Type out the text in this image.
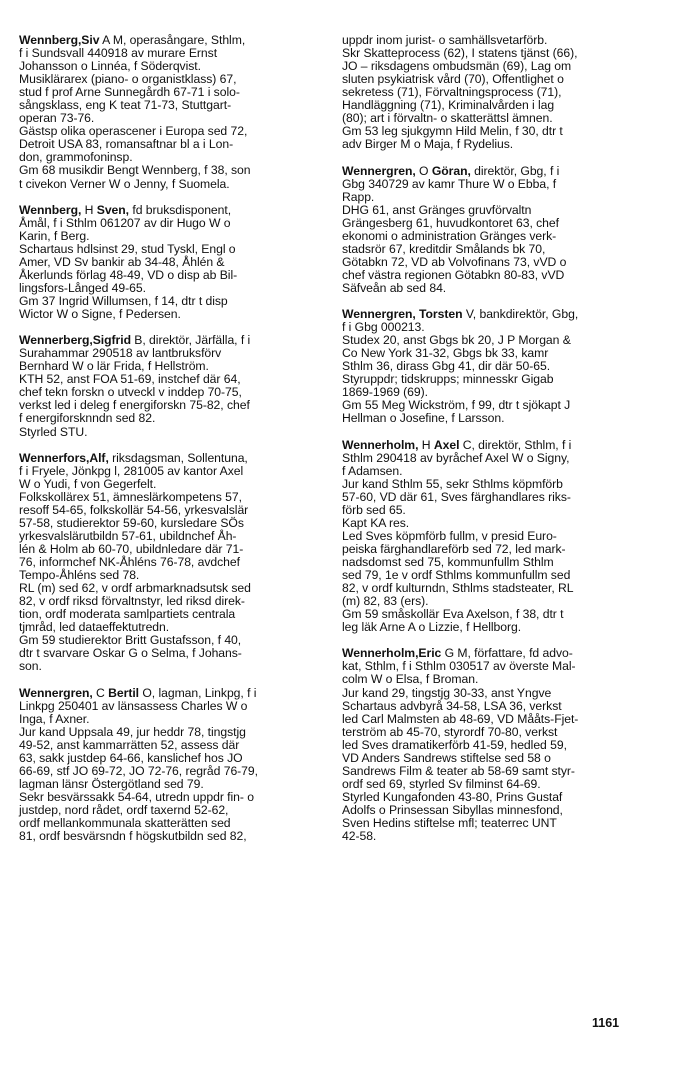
Wennberg,Siv A M, operasångare, Sthlm,

f i Sundsvall 440918 av murare Ernst

Johansson o Linnéa, f Söderqvist.

Musiklärarex (piano- o organistklass) 67,

stud f prof Arne Sunnegårdh 67-71 i solo-

sångsklass, eng K teat 71-73, Stuttgart-

operan 73-76.

Gästsp olika operascener i Europa sed 72,

Detroit USA 83, romansaftnar bl a i Lon-

don, grammofoninsp.

Gm 68 musikdir Bengt Wennberg, f 38, son

t civekon Verner W o Jenny, f Suomela.

Wennberg, H Sven, fd bruksdisponent,

Åmål, f i Sthlm 061207 av dir Hugo W o

Karin, f Berg.

Schartaus hdlsinst 29, stud Tyskl, Engl o

Amer, VD Sv bankir ab 34-48, Åhlén &

Åkerlunds förlag 48-49, VD o disp ab Bil-

lingsfors-Långed 49-65.

Gm 37 Ingrid Willumsen, f 14, dtr t disp

Wictor W o Signe, f Pedersen.

Wennerberg,Sigfrid B, direktör, Järfälla, f i

Surahammar 290518 av lantbruksförv

Bernhard W o lär Frida, f Hellström.

KTH 52, anst FOA 51-69, instchef där 64,

chef tekn forskn o utveckl v inddep 70-75,

verkst led i deleg f energiforskn 75-82, chef

f energiforsknndn sed 82.

Styrled STU.

Wennerfors,Alf, riksdagsman, Sollentuna,

f i Fryele, Jönkpg l, 281005 av kantor Axel

W o Yudi, f von Gegerfelt.

Folkskollärex 51, ämneslärkompetens 57,

resoff 54-65, folkskollär 54-56, yrkesvalslär

57-58, studierektor 59-60, kursledare SÖs

yrkesvalslärutbildn 57-61, ubildnchef Åh-

lén & Holm ab 60-70, ubildnledare där 71-

76, informchef NK-Åhléns 76-78, avdchef

Tempo-Åhléns sed 78.

RL (m) sed 62, v ordf arbmarknadsutsk sed

82, v ordf riksd förvaltnstyr, led riksd direk-

tion, ordf moderata samlpartiets centrala

tjmråd, led dataeffektutredn.

Gm 59 studierektor Britt Gustafsson, f 40,

dtr t svarvare Oskar G o Selma, f Johans-

son.

Wennergren, C Bertil O, lagman, Linkpg, f i

Linkpg 250401 av länsassess Charles W o

Inga, f Axner.

Jur kand Uppsala 49, jur heddr 78, tingstjg

49-52, anst kammarrätten 52, assess där

63, sakk justdep 64-66, kanslichef hos JO

66-69, stf JO 69-72, JO 72-76, regråd 76-79,

lagman länsr Östergötland sed 79.

Sekr besvärssakk 54-64, utredn uppdr fin- o

justdep, nord rådet, ordf taxernd 52-62,

ordf mellankommunala skatterätten sed

81, ordf besvärsndn f högskutbildn sed 82,

uppdr inom jurist- o samhällsvetarförb.

Skr Skatteprocess (62), I statens tjänst (66),

JO – riksdagens ombudsmän (69), Lag om

sluten psykiatrisk vård (70), Offentlighet o

sekretess (71), Förvaltningsprocess (71),

Handläggning (71), Kriminalvården i lag

(80); art i förvaltn- o skatterättsl ämnen.

Gm 53 leg sjukgymn Hild Melin, f 30, dtr t

adv Birger M o Maja, f Rydelius.

Wennergren, O Göran, direktör, Gbg, f i

Gbg 340729 av kamr Thure W o Ebba, f

Rapp.

DHG 61, anst Gränges gruvförvaltn

Grängesberg 61, huvudkontoret 63, chef

ekonomi o administration Gränges verk-

stadsrör 67, kreditdir Smålands bk 70,

Götabkn 72, VD ab Volvofinans 73, vVD o

chef västra regionen Götabkn 80-83, vVD

Säfveån ab sed 84.

Wennergren, Torsten V, bankdirektör, Gbg,

f i Gbg 000213.

Studex 20, anst Gbgs bk 20, J P Morgan &

Co New York 31-32, Gbgs bk 33, kamr

Sthlm 36, dirass Gbg 41, dir där 50-65.

Styruppdr; tidskrupps; minnesskr Gigab

1869-1969 (69).

Gm 55 Meg Wickström, f 99, dtr t sjökapt J

Hellman o Josefine, f Larsson.

Wennerholm, H Axel C, direktör, Sthlm, f i

Sthlm 290418 av byråchef Axel W o Signy,

f Adamsen.

Jur kand Sthlm 55, sekr Sthlms köpmförb

57-60, VD där 61, Sves färghandlares riks-

förb sed 65.

Kapt KA res.

Led Sves köpmförb fullm, v presid Euro-

peiska färghandlareförb sed 72, led mark-

nadsdomst sed 75, kommunfullm Sthlm

sed 79, 1e v ordf Sthlms kommunfullm sed

82, v ordf kulturndn, Sthlms stadsteater, RL

(m) 82, 83 (ers).

Gm 59 småskollär Eva Axelson, f 38, dtr t

leg läk Arne A o Lizzie, f Hellborg.

Wennerholm,Eric G M, författare, fd advo-

kat, Sthlm, f i Sthlm 030517 av överste Mal-

colm W o Elsa, f Broman.

Jur kand 29, tingstjg 30-33, anst Yngve

Schartaus advbyrå 34-58, LSA 36, verkst

led Carl Malmsten ab 48-69, VD Mååts-Fjet-

terström ab 45-70, styrordf 70-80, verkst

led Sves dramatikerförb 41-59, hedled 59,

VD Anders Sandrews stiftelse sed 58 o

Sandrews Film & teater ab 58-69 samt styr-

ordf sed 69, styrled Sv filminst 64-69.

Styrled Kungafonden 43-80, Prins Gustaf

Adolfs o Prinsessan Sibyllas minnesfond,

Sven Hedins stiftelse mfl; teaterrec UNT

42-58.

1161
